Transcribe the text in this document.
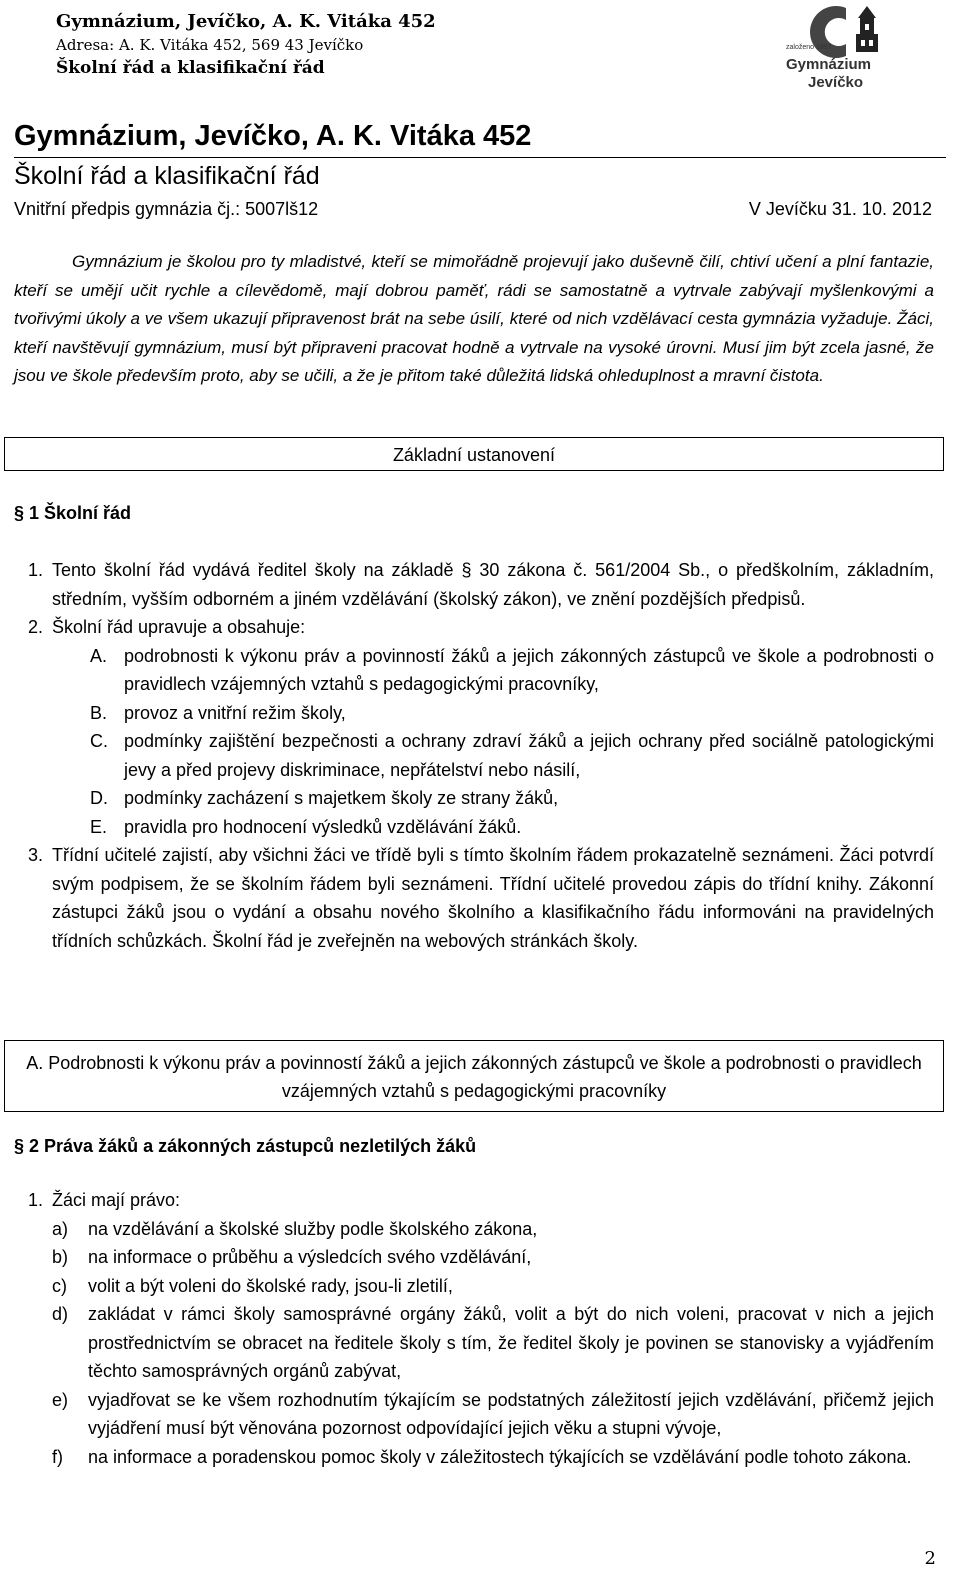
Gymnázium, Jevíčko, A. K. Vitáka 452
Adresa: A. K. Vitáka 452, 569 43 Jevíčko
Školní řád a klasifikační řád
založeno 1897
Gymnázium
Jevíčko
Gymnázium, Jevíčko, A. K. Vitáka 452
Školní řád a klasifikační řád
Vnitřní předpis gymnázia čj.: 5007lš12	V Jevíčku 31. 10. 2012
Gymnázium je školou pro ty mladistvé, kteří se mimořádně projevují jako duševně čilí, chtiví učení a plní fantazie, kteří se umějí učit rychle a cílevědomě, mají dobrou paměť, rádi se samostatně a vytrvale zabývají myšlenkovými a tvořivými úkoly a ve všem ukazují připravenost brát na sebe úsilí, které od nich vzdělávací cesta gymnázia vyžaduje. Žáci, kteří navštěvují gymnázium, musí být připraveni pracovat hodně a vytrvale na vysoké úrovni. Musí jim být zcela jasné, že jsou ve škole především proto, aby se učili, a že je přitom také důležitá lidská ohleduplnost a mravní čistota.
Základní ustanovení
§ 1 Školní řád
1. Tento školní řád vydává ředitel školy na základě § 30 zákona č. 561/2004 Sb., o předškolním, základním, středním, vyšším odborném a jiném vzdělávání (školský zákon), ve znění pozdějších předpisů.
2. Školní řád upravuje a obsahuje:
A. podrobnosti k výkonu práv a povinností žáků a jejich zákonných zástupců ve škole a podrobnosti o pravidlech vzájemných vztahů s pedagogickými pracovníky,
B. provoz a vnitřní režim školy,
C. podmínky zajištění bezpečnosti a ochrany zdraví žáků a jejich ochrany před sociálně patologickými jevy a před projevy diskriminace, nepřátelství nebo násilí,
D. podmínky zacházení s majetkem školy ze strany žáků,
E. pravidla pro hodnocení výsledků vzdělávání žáků.
3. Třídní učitelé zajistí, aby všichni žáci ve třídě byli s tímto školním řádem prokazatelně seznámeni. Žáci potvrdí svým podpisem, že se školním řádem byli seznámeni. Třídní učitelé provedou zápis do třídní knihy. Zákonní zástupci žáků jsou o vydání a obsahu nového školního a klasifikačního řádu informováni na pravidelných třídních schůzkách. Školní řád je zveřejněn na webových stránkách školy.
A. Podrobnosti k výkonu práv a povinností žáků a jejich zákonných zástupců ve škole a podrobnosti o pravidlech vzájemných vztahů s pedagogickými pracovníky
§ 2 Práva žáků a zákonných zástupců nezletilých žáků
1. Žáci mají právo:
a) na vzdělávání a školské služby podle školského zákona,
b) na informace o průběhu a výsledcích svého vzdělávání,
c) volit a být voleni do školské rady, jsou-li zletilí,
d) zakládat v rámci školy samosprávné orgány žáků, volit a být do nich voleni, pracovat v nich a jejich prostřednictvím se obracet na ředitele školy s tím, že ředitel školy je povinen se stanovisky a vyjádřením těchto samosprávných orgánů zabývat,
e) vyjadřovat se ke všem rozhodnutím týkajícím se podstatných záležitostí jejich vzdělávání, přičemž jejich vyjádření musí být věnována pozornost odpovídající jejich věku a stupni vývoje,
f) na informace a poradenskou pomoc školy v záležitostech týkajících se vzdělávání podle tohoto zákona.
2
